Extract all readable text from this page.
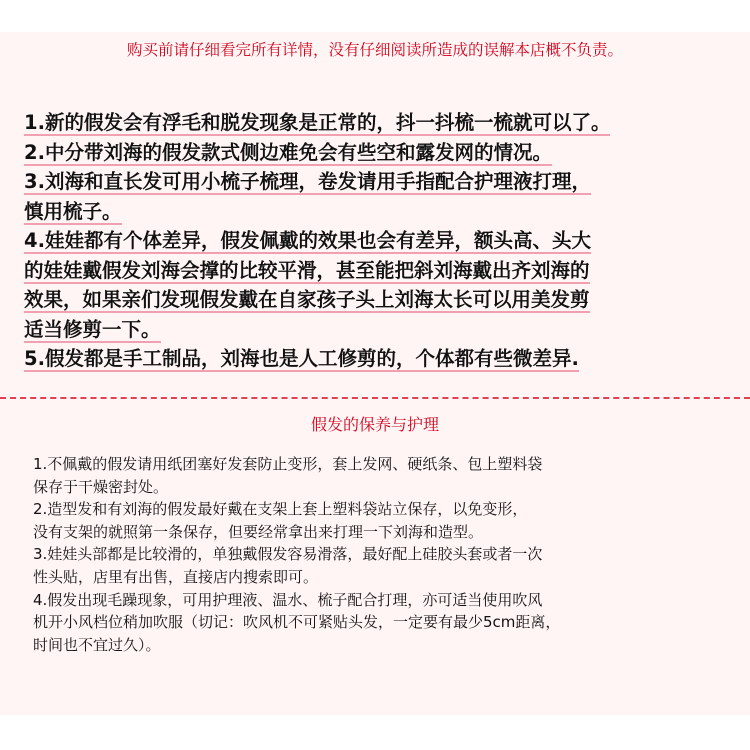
购买前请仔细看完所有详情，没有仔细阅读所造成的误解本店概不负责。
1.新的假发会有浮毛和脱发现象是正常的，抖一抖梳一梳就可以了。
2.中分带刘海的假发款式侧边难免会有些空和露发网的情况。
3.刘海和直长发可用小梳子梳理，卷发请用手指配合护理液打理，
慎用梳子。
4.娃娃都有个体差异，假发佩戴的效果也会有差异，额头高、头大
的娃娃戴假发刘海会撑的比较平滑，甚至能把斜刘海戴出齐刘海的
效果，如果亲们发现假发戴在自家孩子头上刘海太长可以用美发剪
适当修剪一下。
5.假发都是手工制品，刘海也是人工修剪的，个体都有些微差异.
假发的保养与护理
1.不佩戴的假发请用纸团塞好发套防止变形，套上发网、硬纸条、包上塑料袋
保存于干燥密封处。
2.造型发和有刘海的假发最好戴在支架上套上塑料袋站立保存，以免变形，
没有支架的就照第一条保存，但要经常拿出来打理一下刘海和造型。
3.娃娃头部都是比较滑的，单独戴假发容易滑落，最好配上硅胶头套或者一次
性头贴，店里有出售，直接店内搜索即可。
4.假发出现毛躁现象，可用护理液、温水、梳子配合打理，亦可适当使用吹风
机开小风档位稍加吹服（切记：吹风机不可紧贴头发，一定要有最少5cm距离，
时间也不宜过久）。
